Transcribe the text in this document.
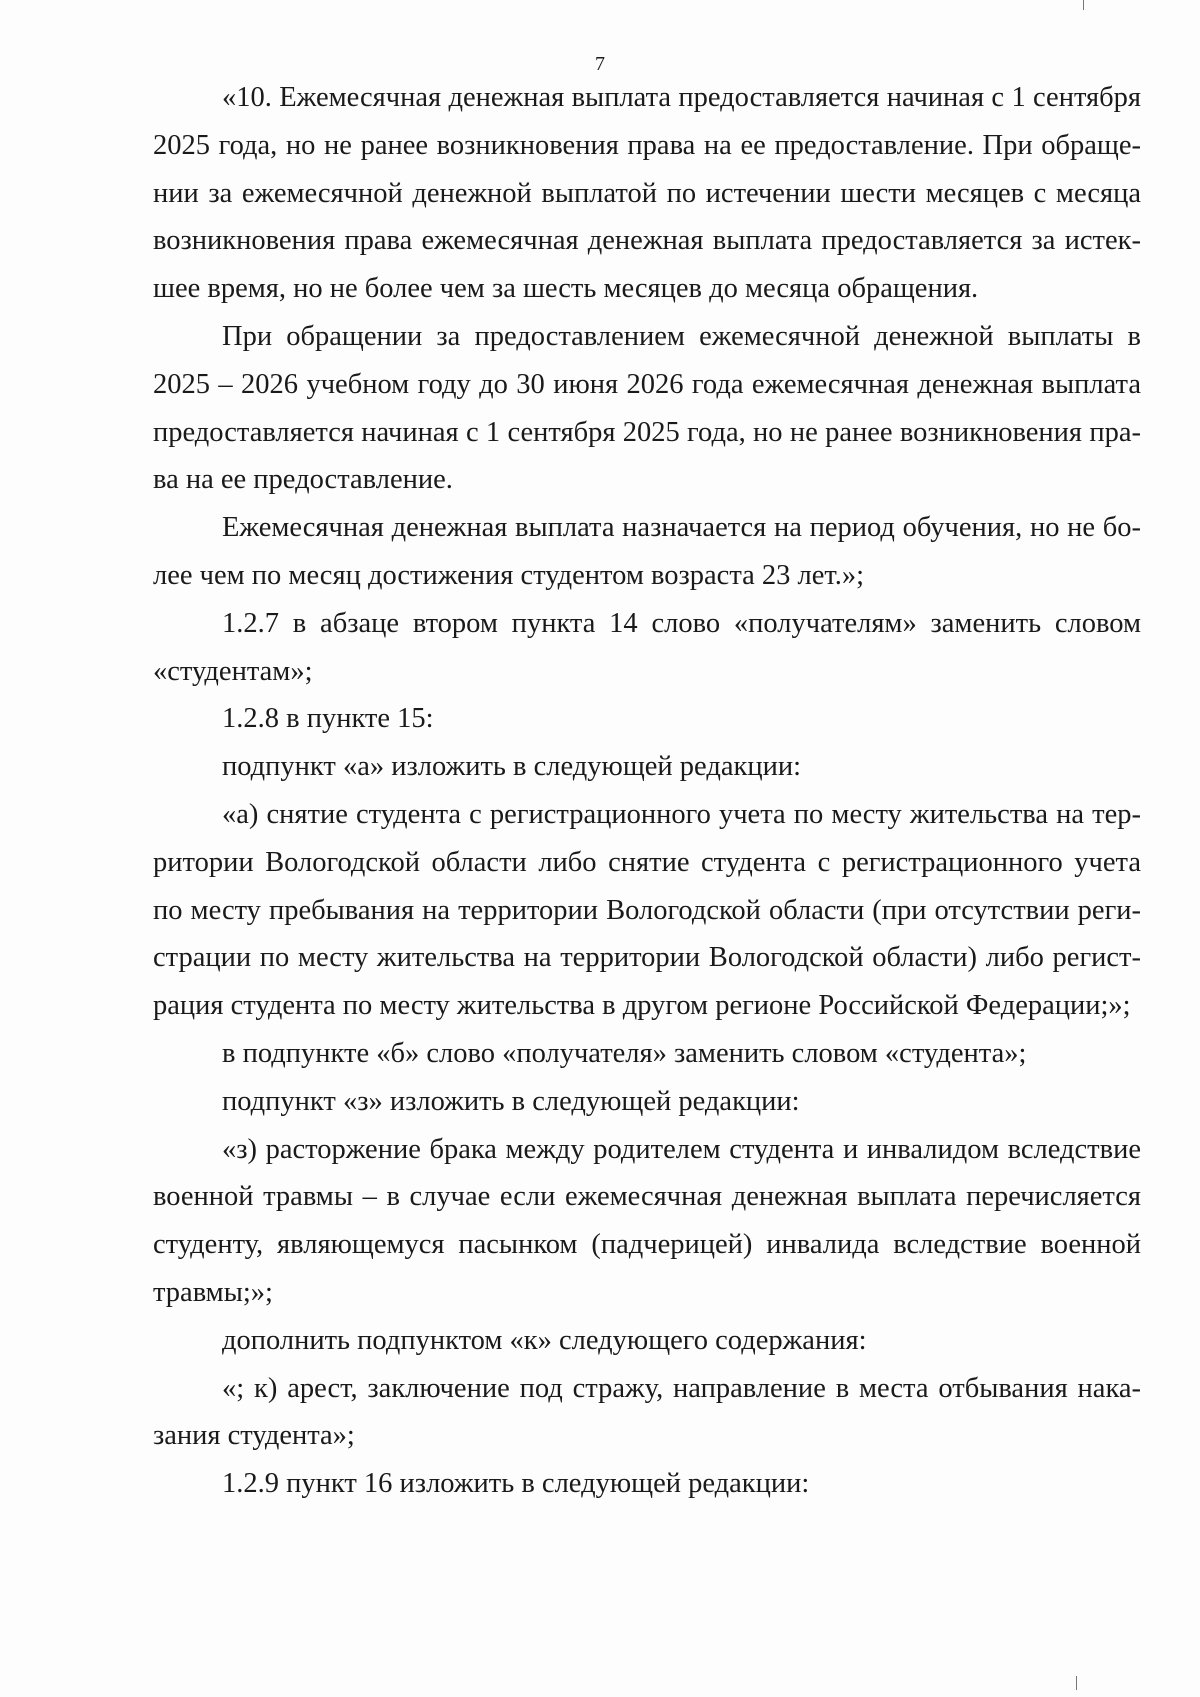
7

«10. Ежемесячная денежная выплата предоставляется начиная с 1 сентября
2025 года, но не ранее возникновения права на ее предоставление. При обраще-
нии за ежемесячной денежной выплатой по истечении шести месяцев с месяца
возникновения права ежемесячная денежная выплата предоставляется за истек-
шее время, но не более чем за шесть месяцев до месяца обращения.

При обращении за предоставлением ежемесячной денежной выплаты в
2025 – 2026 учебном году до 30 июня 2026 года ежемесячная денежная выплата
предоставляется начиная с 1 сентября 2025 года, но не ранее возникновения пра-
ва на ее предоставление.

Ежемесячная денежная выплата назначается на период обучения, но не бо-
лее чем по месяц достижения студентом возраста 23 лет.»;

1.2.7 в абзаце втором пункта 14 слово «получателям» заменить словом
«студентам»;

1.2.8 в пункте 15:

подпункт «а» изложить в следующей редакции:

«а) снятие студента с регистрационного учета по месту жительства на тер-
ритории Вологодской области либо снятие студента с регистрационного учета
по месту пребывания на территории Вологодской области (при отсутствии реги-
страции по месту жительства на территории Вологодской области) либо регист-
рация студента по месту жительства в другом регионе Российской Федерации;»;

в подпункте «б» слово «получателя» заменить словом «студента»;

подпункт «з» изложить в следующей редакции:

«з) расторжение брака между родителем студента и инвалидом вследствие
военной травмы – в случае если ежемесячная денежная выплата перечисляется
студенту, являющемуся пасынком (падчерицей) инвалида вследствие военной
травмы;»;

дополнить подпунктом «к» следующего содержания:

«; к) арест, заключение под стражу, направление в места отбывания нака-
зания студента»;

1.2.9 пункт 16 изложить в следующей редакции:
